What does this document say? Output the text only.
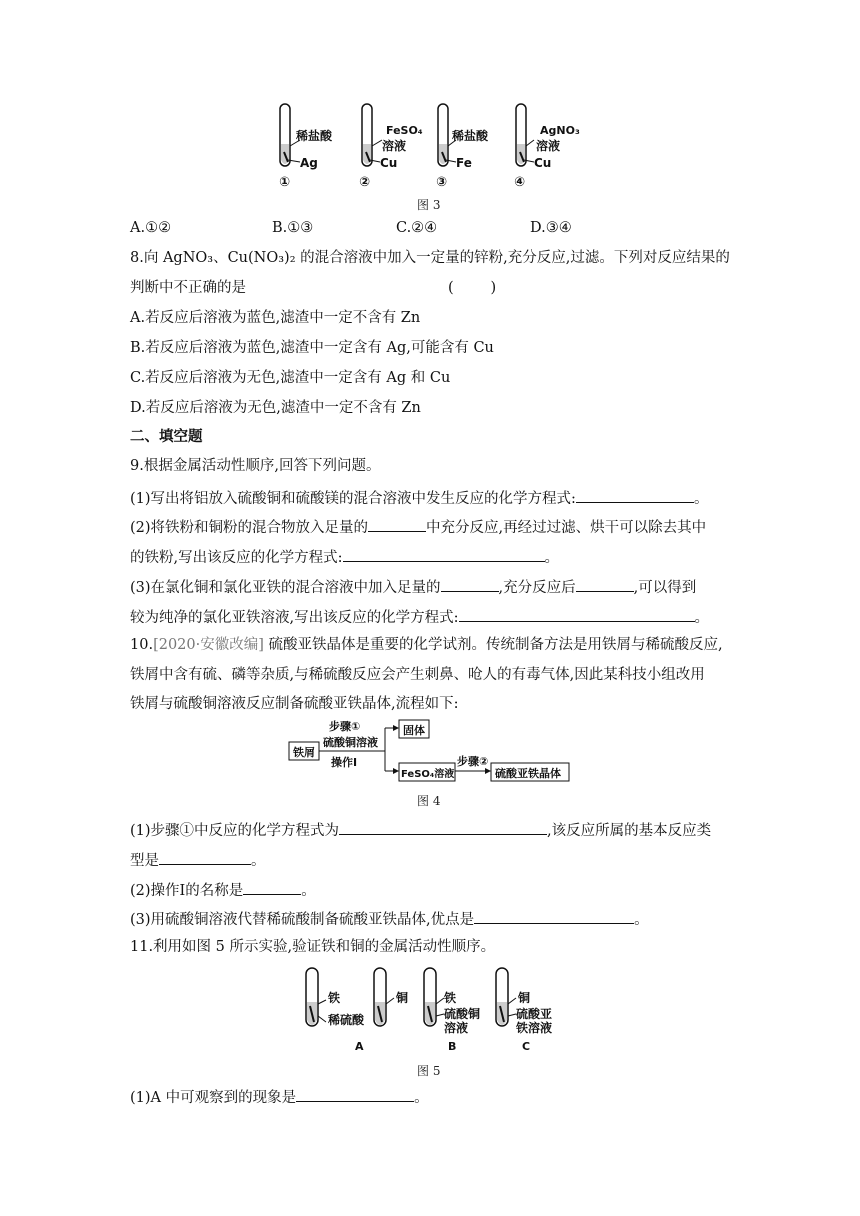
稀盐酸
Ag
①
FeSO₄
溶液
Cu
②
稀盐酸
Fe
③
AgNO₃
溶液
Cu
④
图 3
A.①②	B.①③	C.②④	D.③④
8.向 AgNO₃、Cu(NO₃)₂ 的混合溶液中加入一定量的锌粉,充分反应,过滤。下列对反应结果的
判断中不正确的是	(        )
A.若反应后溶液为蓝色,滤渣中一定不含有 Zn
B.若反应后溶液为蓝色,滤渣中一定含有 Ag,可能含有 Cu
C.若反应后溶液为无色,滤渣中一定含有 Ag 和 Cu
D.若反应后溶液为无色,滤渣中一定不含有 Zn
二、填空题
9.根据金属活动性顺序,回答下列问题。
(1)写出将铝放入硫酸铜和硫酸镁的混合溶液中发生反应的化学方程式:	。
(2)将铁粉和铜粉的混合物放入足量的	中充分反应,再经过过滤、烘干可以除去其中
的铁粉,写出该反应的化学方程式:	。
(3)在氯化铜和氯化亚铁的混合溶液中加入足量的	,充分反应后	,可以得到
较为纯净的氯化亚铁溶液,写出该反应的化学方程式:	。
10.[2020·安徽改编] 硫酸亚铁晶体是重要的化学试剂。传统制备方法是用铁屑与稀硫酸反应,
铁屑中含有硫、磷等杂质,与稀硫酸反应会产生刺鼻、呛人的有毒气体,因此某科技小组改用
铁屑与硫酸铜溶液反应制备硫酸亚铁晶体,流程如下:
铁屑
步骤①
硫酸铜溶液
操作Ⅰ
固体
FeSO₄溶液
步骤②
硫酸亚铁晶体
图 4
(1)步骤①中反应的化学方程式为	,该反应所属的基本反应类
型是	。
(2)操作Ⅰ的名称是	。
(3)用硫酸铜溶液代替稀硫酸制备硫酸亚铁晶体,优点是	。
11.利用如图 5 所示实验,验证铁和铜的金属活动性顺序。
铁
稀硫酸
铜
A
铁
硫酸铜
溶液
B
铜
硫酸亚
铁溶液
C
图 5
(1)A 中可观察到的现象是	。
